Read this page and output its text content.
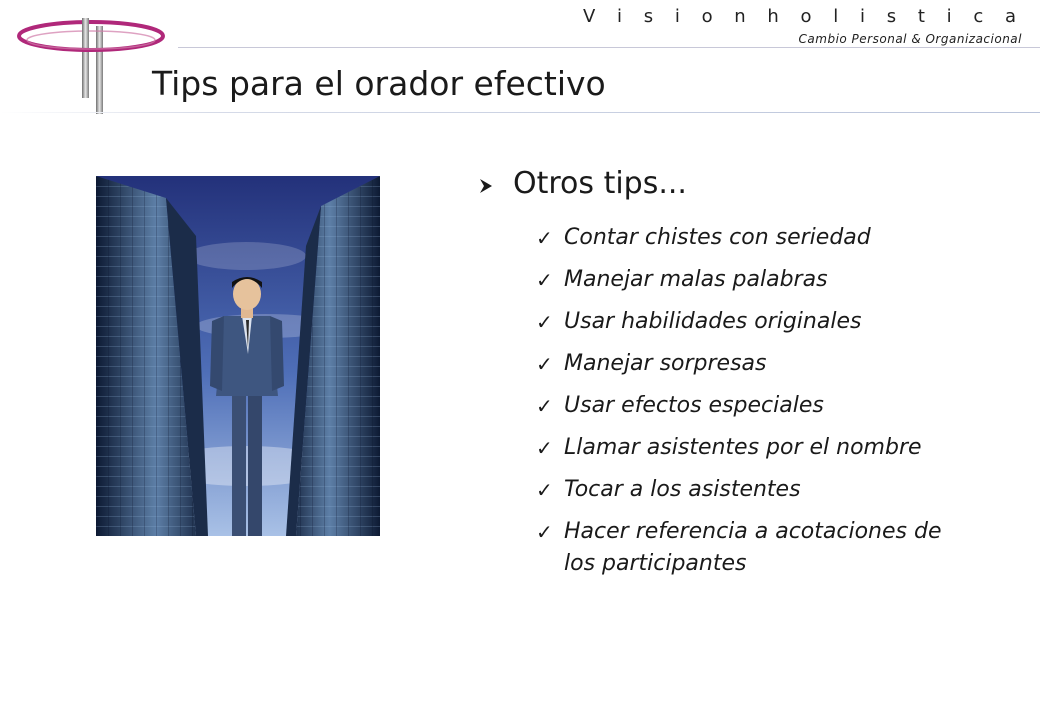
V i s i o n h o l i s t i c a
Cambio Personal & Organizacional
Tips para el orador efectivo
Otros tips...
✓ Contar chistes con seriedad
✓ Manejar malas palabras
✓ Usar habilidades originales
✓ Manejar sorpresas
✓ Usar efectos especiales
✓ Llamar asistentes por el nombre
✓ Tocar a los asistentes
✓ Hacer referencia a acotaciones de los participantes
